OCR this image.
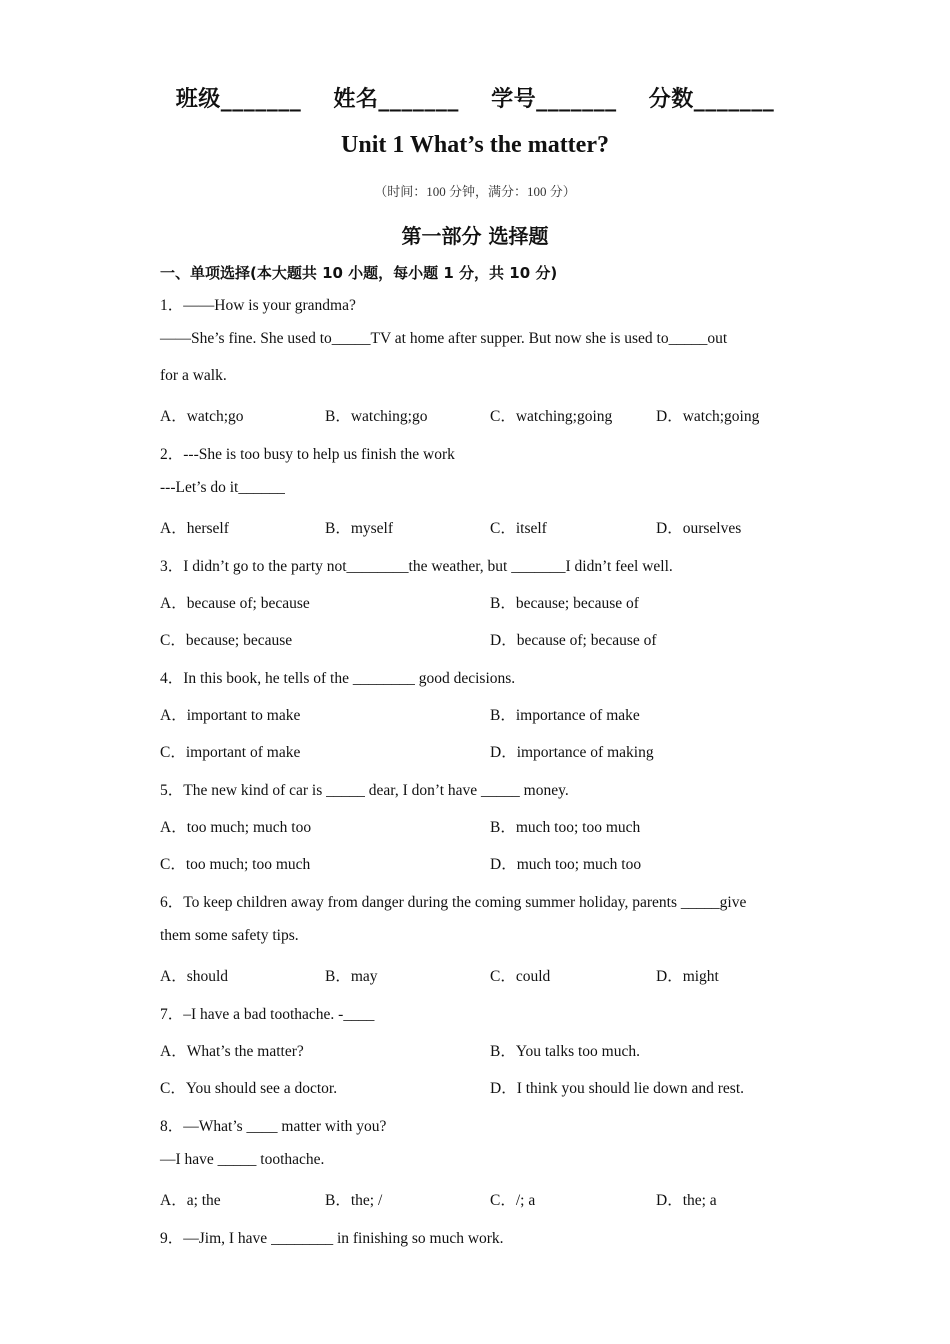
班级_______ 姓名_______ 学号_______ 分数_______
Unit 1 What’s the matter?
（时间：100 分钟，满分：100 分）
第一部分 选择题
一、单项选择(本大题共 10 小题，每小题 1 分，共 10 分)
1．——How is your grandma?
——She’s fine. She used to_____TV at home after supper. But now she is used to_____out
for a walk.
A．watch;go	B．watching;go	C．watching;going	D．watch;going
2．---She is too busy to help us finish the work
---Let’s do it______
A．herself	B．myself	C．itself	D．ourselves
3．I didn’t go to the party not________the weather, but _______I didn’t feel well.
A．because of; because	B．because; because of
C．because; because	D．because of; because of
4．In this book, he tells of the ________ good decisions.
A．important to make	B．importance of make
C．important of make	D．importance of making
5．The new kind of car is _____ dear, I don’t have _____ money.
A．too much; much too	B．much too; too much
C．too much; too much	D．much too; much too
6．To keep children away from danger during the coming summer holiday, parents _____give
them some safety tips.
A．should	B．may	C．could	D．might
7．–I have a bad toothache. -____
A．What’s the matter?	B．You talks too much.
C．You should see a doctor.	D．I think you should lie down and rest.
8．—What’s ____ matter with you?
—I have _____ toothache.
A．a; the	B．the; /	C．/; a	D．the; a
9．—Jim, I have ________ in finishing so much work.
